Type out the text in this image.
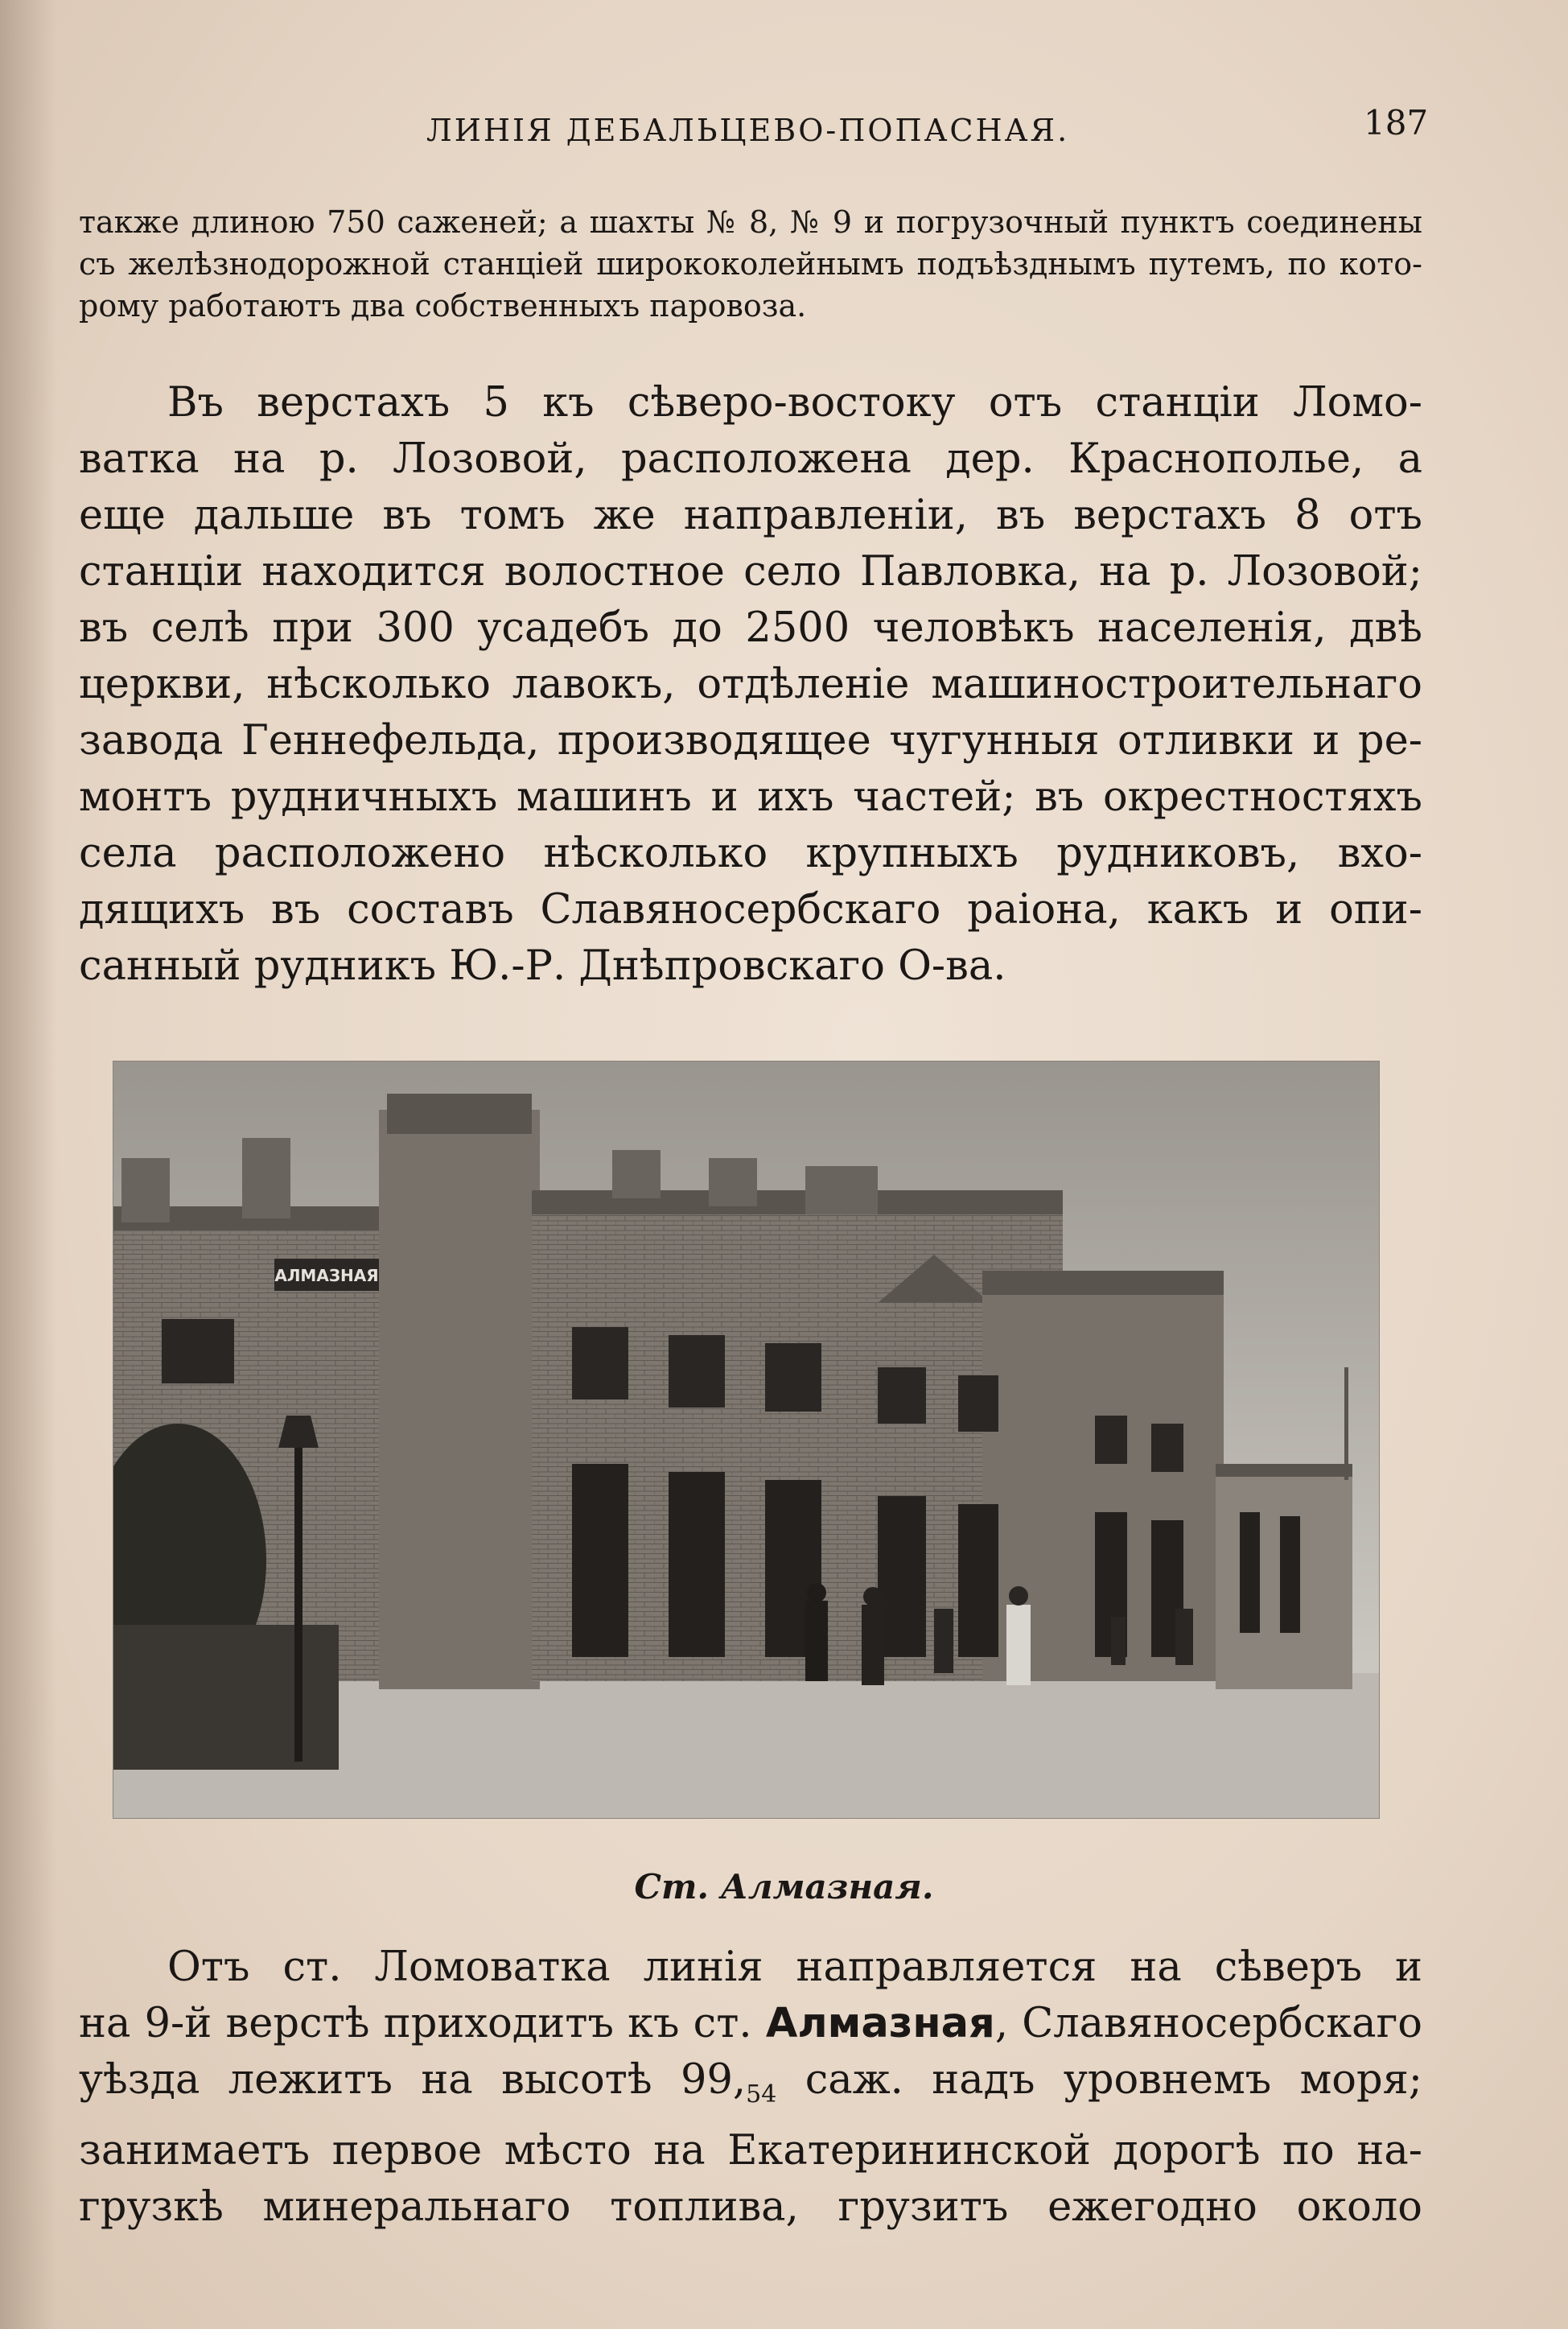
ЛИНІЯ ДЕБАЛЬЦЕВО-ПОПАСНАЯ.	187
также длиною 750 саженей; а шахты № 8, № 9 и погрузочный пунктъ соединены
съ желѣзнодорожной станціей ширококолейнымъ подъѣзднымъ путемъ, по кото-
рому работаютъ два собственныхъ паровоза.
Въ верстахъ 5 къ сѣверо-востоку отъ станціи Ломо-
ватка на р. Лозовой, расположена дер. Краснополье, а
еще дальше въ томъ же направленіи, въ верстахъ 8 отъ
станціи находится волостное село Павловка, на р. Лозовой;
въ селѣ при 300 усадебъ до 2500 человѣкъ населенія, двѣ
церкви, нѣсколько лавокъ, отдѣленіе машиностроительнаго
завода Геннефельда, производящее чугунныя отливки и ре-
монтъ рудничныхъ машинъ и ихъ частей; въ окрестностяхъ
села расположено нѣсколько крупныхъ рудниковъ, вхо-
дящихъ въ составъ Славяносербскаго раіона, какъ и опи-
санный рудникъ Ю.-Р. Днѣпровскаго О-ва.
АЛМАЗНАЯ
Ст. Алмазная.
Отъ ст. Ломоватка линія направляется на сѣверъ и
на 9-й верстѣ приходитъ къ ст. Алмазная, Славяносербскаго
уѣзда лежитъ на высотѣ $99,_{54}$ саж. надъ уровнемъ моря;
занимаетъ первое мѣсто на Екатерининской дорогѣ по на-
грузкѣ минеральнаго топлива, грузитъ ежегодно около
